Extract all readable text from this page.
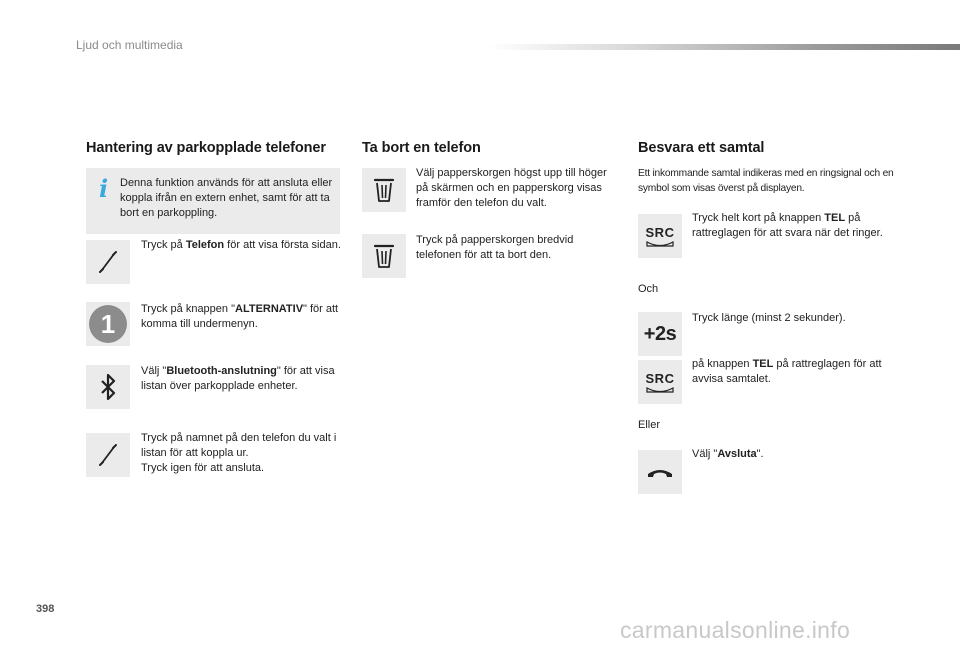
Ljud och multimedia
Hantering av parkopplade telefoner
i Denna funktion används för att ansluta eller koppla ifrån en extern enhet, samt för att ta bort en parkoppling.
Tryck på Telefon för att visa första sidan.
1 Tryck på knappen "ALTERNATIV" för att komma till undermenyn.
Välj "Bluetooth-anslutning" för att visa listan över parkopplade enheter.
Tryck på namnet på den telefon du valt i listan för att koppla ur.
Tryck igen för att ansluta.
Ta bort en telefon
Välj papperskorgen högst upp till höger på skärmen och en papperskorg visas framför den telefon du valt.
Tryck på papperskorgen bredvid telefonen för att ta bort den.
Besvara ett samtal
Ett inkommande samtal indikeras med en ringsignal och en symbol som visas överst på displayen.
SRC
Tryck helt kort på knappen TEL på rattreglagen för att svara när det ringer.
Och
+2s
Tryck länge (minst 2 sekunder).
SRC
på knappen TEL på rattreglagen för att avvisa samtalet.
Eller
Välj "Avsluta".
398
carmanualsonline.info
